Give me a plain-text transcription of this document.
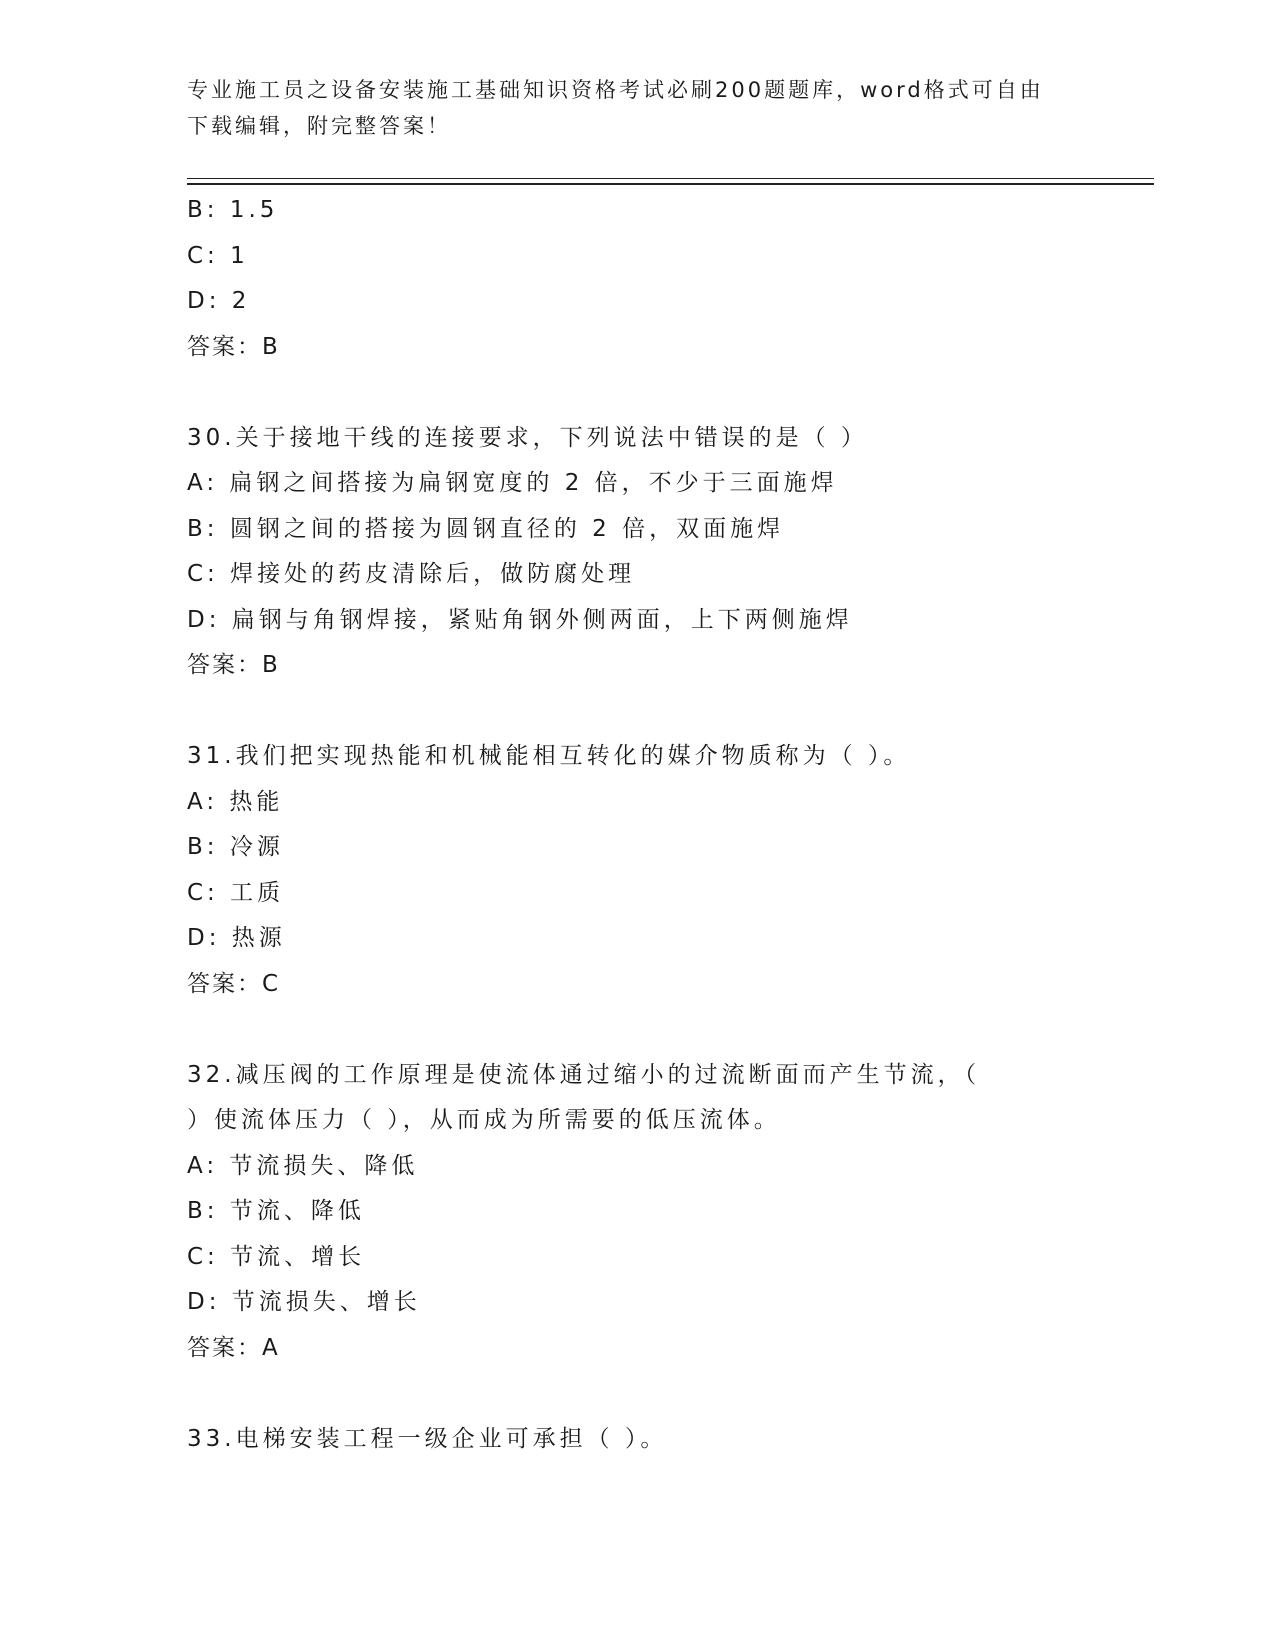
专业施工员之设备安装施工基础知识资格考试必刷200题题库，word格式可自由
下载编辑，附完整答案！
B: 1.5
C: 1
D: 2
答案：B
30.关于接地干线的连接要求，下列说法中错误的是（ ）
A: 扁钢之间搭接为扁钢宽度的 2 倍，不少于三面施焊
B: 圆钢之间的搭接为圆钢直径的 2 倍，双面施焊
C: 焊接处的药皮清除后，做防腐处理
D: 扁钢与角钢焊接，紧贴角钢外侧两面，上下两侧施焊
答案：B
31.我们把实现热能和机械能相互转化的媒介物质称为（ ）。
A: 热能
B: 冷源
C: 工质
D: 热源
答案：C
32.减压阀的工作原理是使流体通过缩小的过流断面而产生节流，（
）使流体压力（ ），从而成为所需要的低压流体。
A: 节流损失、降低
B: 节流、降低
C: 节流、增长
D: 节流损失、增长
答案：A
33.电梯安装工程一级企业可承担（ ）。
